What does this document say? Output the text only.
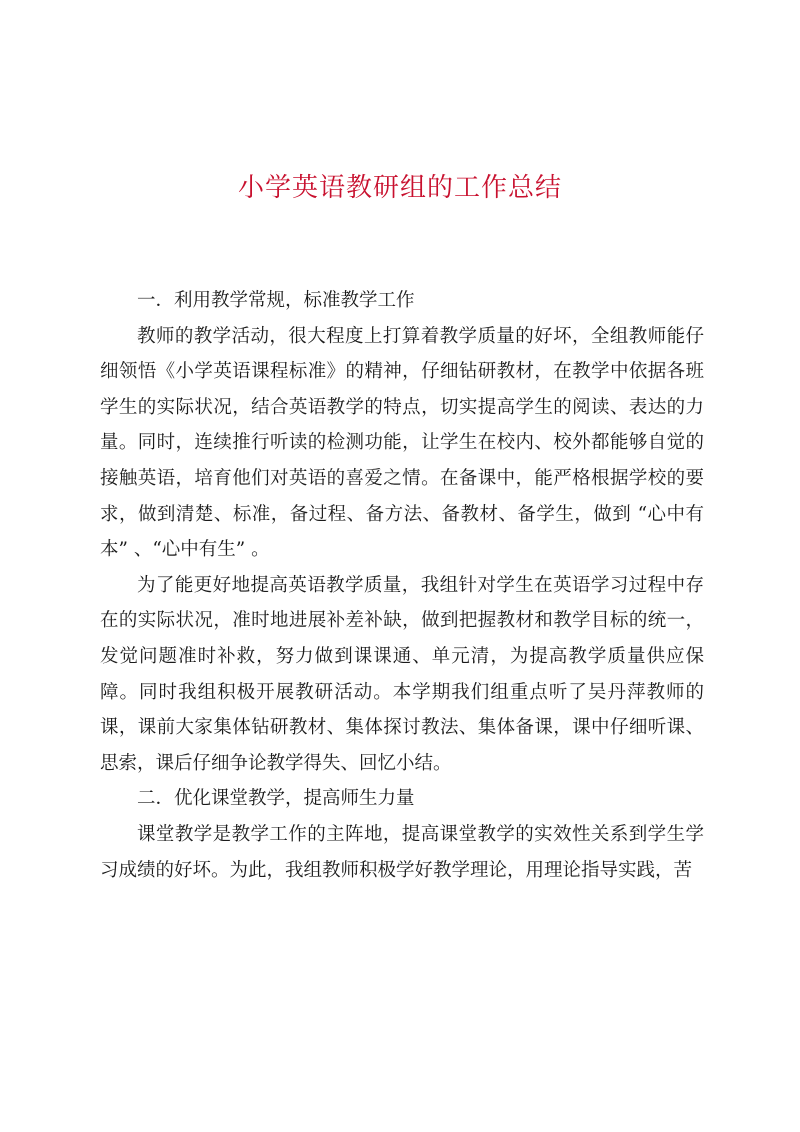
小学英语教研组的工作总结

一．利用教学常规，标准教学工作

教师的教学活动，很大程度上打算着教学质量的好坏，全组教师能仔细领悟《小学英语课程标准》的精神，仔细钻研教材，在教学中依据各班学生的实际状况，结合英语教学的特点，切实提高学生的阅读、表达的力量。同时，连续推行听读的检测功能，让学生在校内、校外都能够自觉的接触英语，培育他们对英语的喜爱之情。在备课中，能严格根据学校的要求，做到清楚、标准，备过程、备方法、备教材、备学生，做到 “心中有本” 、“心中有生” 。

为了能更好地提高英语教学质量，我组针对学生在英语学习过程中存在的实际状况，准时地进展补差补缺，做到把握教材和教学目标的统一，发觉问题准时补救，努力做到课课通、单元清，为提高教学质量供应保障。同时我组积极开展教研活动。本学期我们组重点听了吴丹萍教师的课，课前大家集体钻研教材、集体探讨教法、集体备课，课中仔细听课、思索，课后仔细争论教学得失、回忆小结。

二．优化课堂教学，提高师生力量

课堂教学是教学工作的主阵地，提高课堂教学的实效性关系到学生学习成绩的好坏。为此，我组教师积极学好教学理论，用理论指导实践，苦
